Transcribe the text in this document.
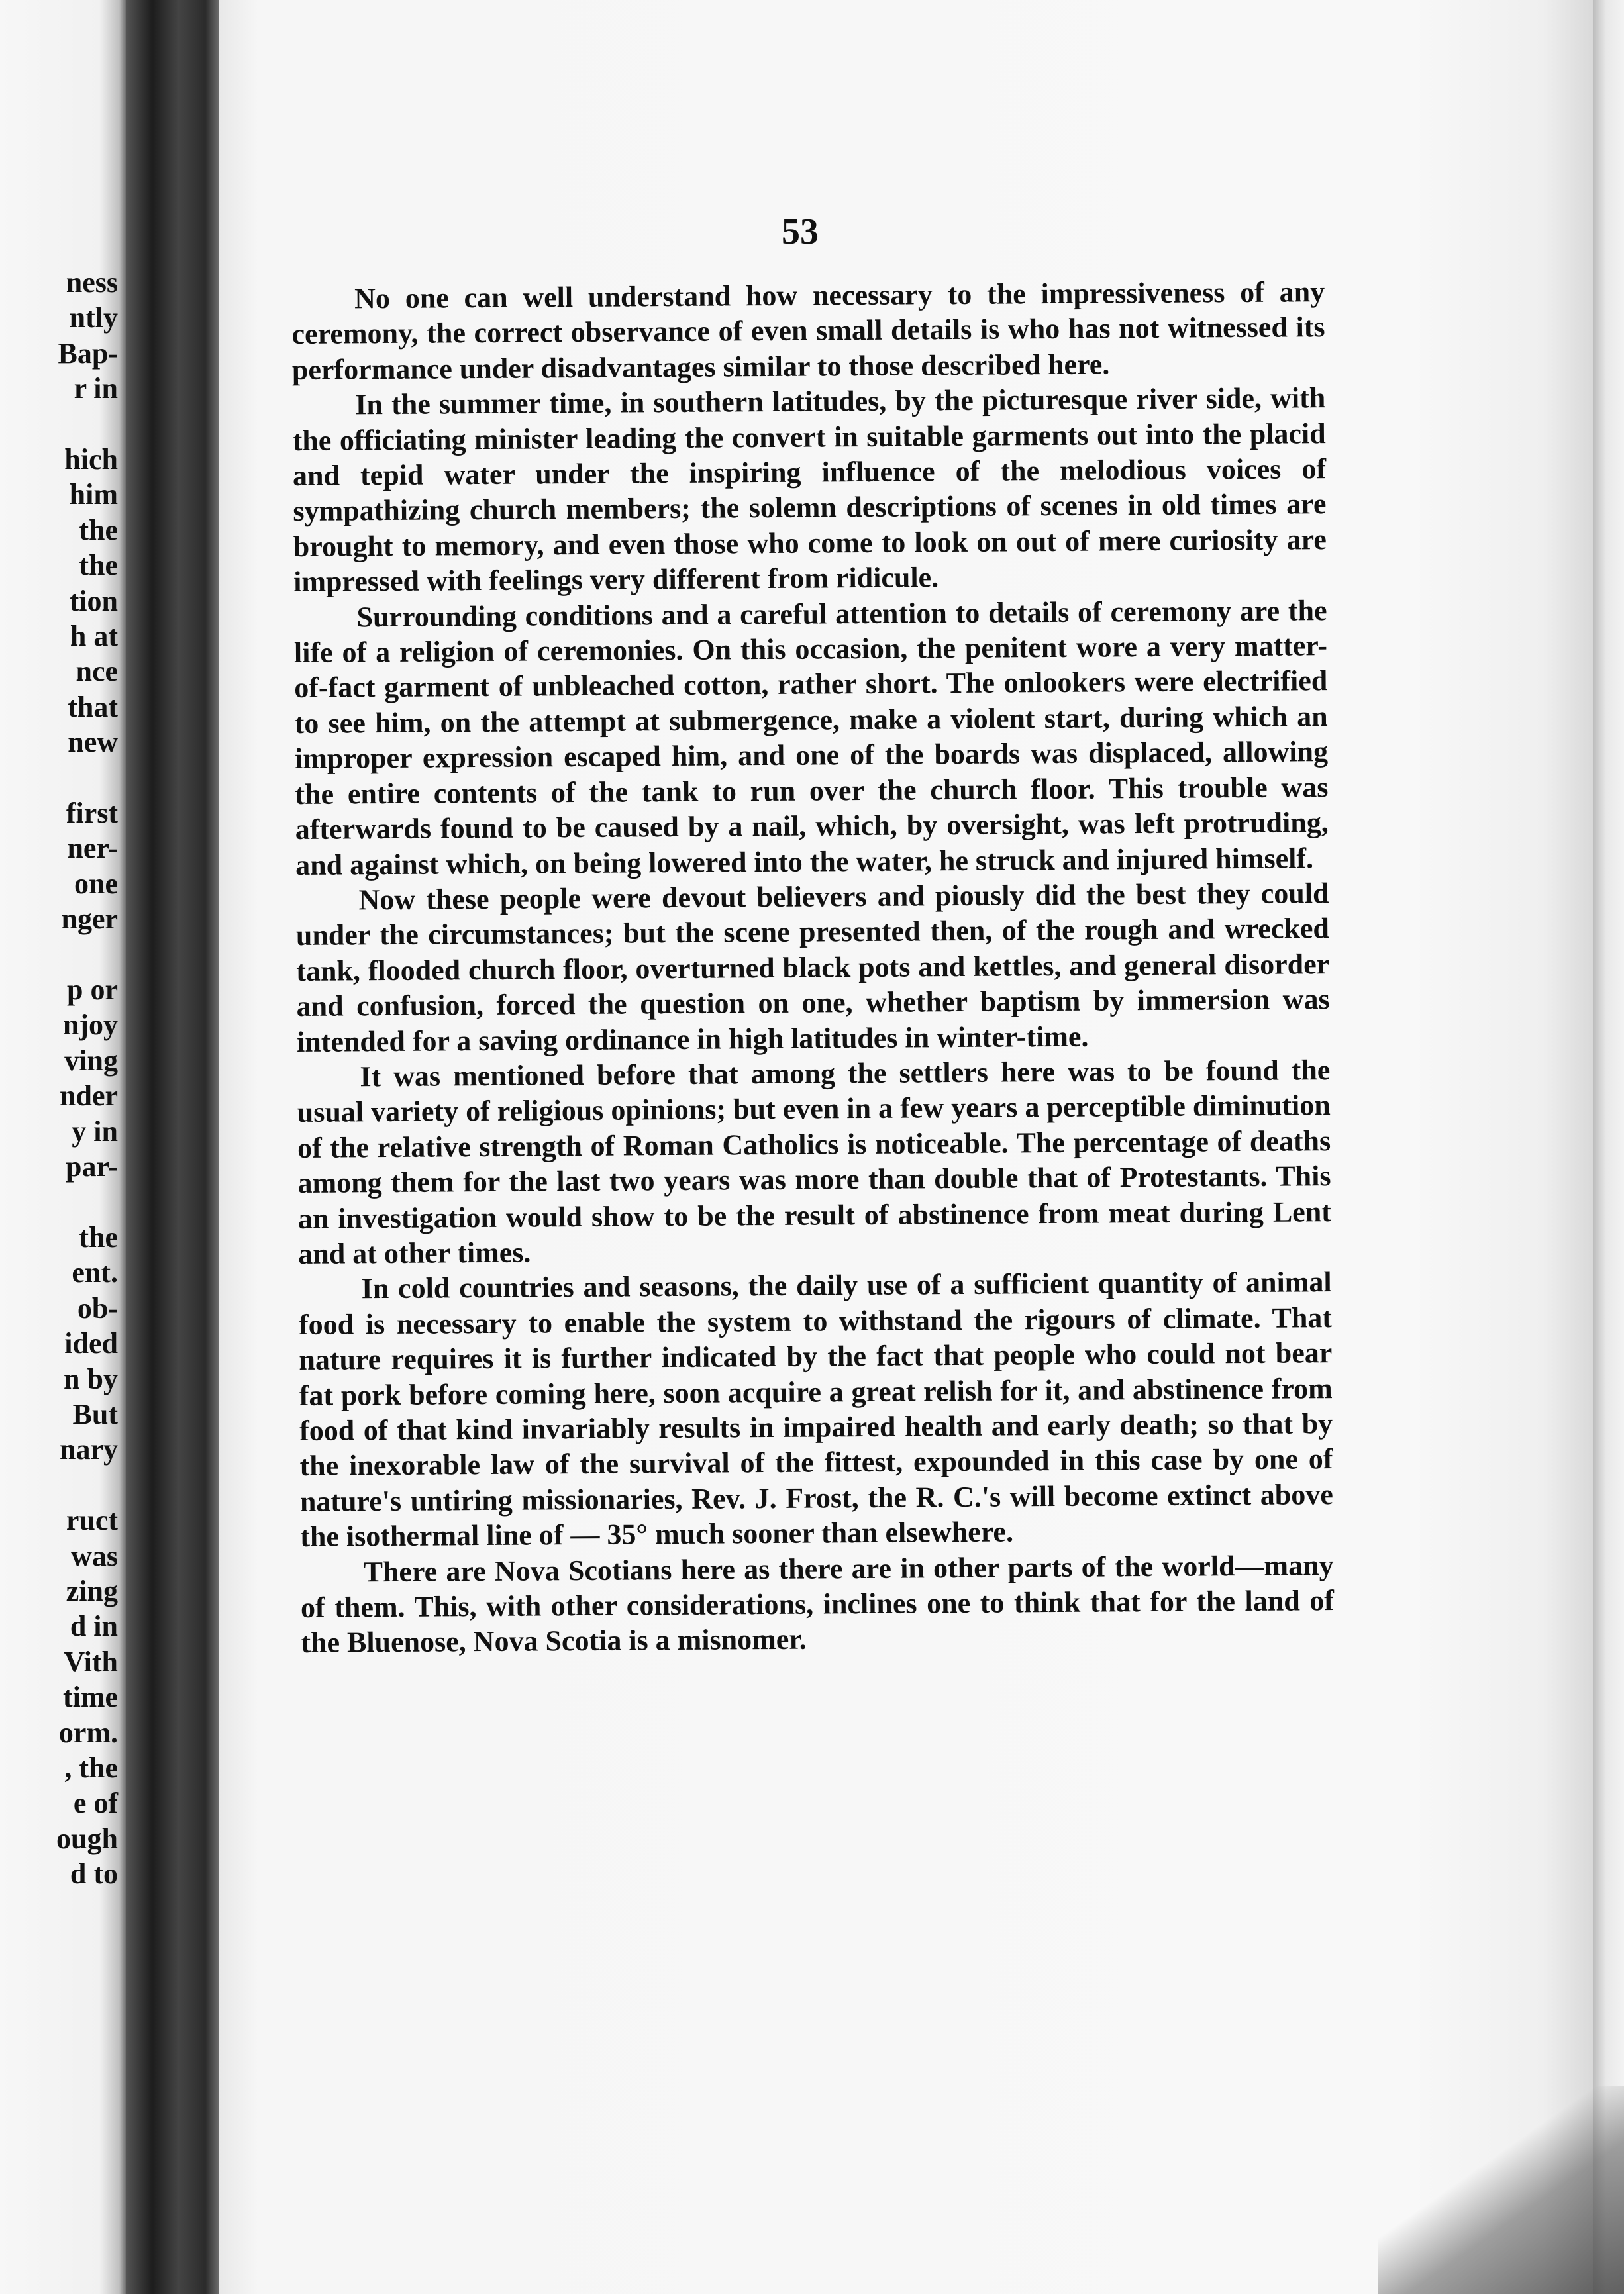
ness
ntly
Bap-
r in
hich
him
the
the
tion
h at
nce
that
new
first
ner-
one
nger
p or
njoy
ving
nder
y in
par-
the
ent.
ob-
ided
n by
But
nary
ruct
was
zing
d in
Vith
time
orm.
, the
e of
ough
d to
53

No one can well understand how necessary to the impressiveness of any ceremony, the correct observance of even small details is who has not witnessed its performance under disadvantages similar to those described here.

In the summer time, in southern latitudes, by the picturesque river side, with the officiating minister leading the convert in suitable garments out into the placid and tepid water under the inspiring influence of the melodious voices of sympathizing church members; the solemn descriptions of scenes in old times are brought to memory, and even those who come to look on out of mere curiosity are impressed with feelings very different from ridicule.

Surrounding conditions and a careful attention to details of ceremony are the life of a religion of ceremonies. On this occasion, the penitent wore a very matter-of-fact garment of unbleached cotton, rather short. The onlookers were electrified to see him, on the attempt at submergence, make a violent start, during which an improper expression escaped him, and one of the boards was displaced, allowing the entire contents of the tank to run over the church floor. This trouble was afterwards found to be caused by a nail, which, by oversight, was left protruding, and against which, on being lowered into the water, he struck and injured himself.

Now these people were devout believers and piously did the best they could under the circumstances; but the scene presented then, of the rough and wrecked tank, flooded church floor, overturned black pots and kettles, and general disorder and confusion, forced the question on one, whether baptism by immersion was intended for a saving ordinance in high latitudes in winter-time.

It was mentioned before that among the settlers here was to be found the usual variety of religious opinions; but even in a few years a perceptible diminution of the relative strength of Roman Catholics is noticeable. The percentage of deaths among them for the last two years was more than double that of Protestants. This an investigation would show to be the result of abstinence from meat during Lent and at other times.

In cold countries and seasons, the daily use of a sufficient quantity of animal food is necessary to enable the system to withstand the rigours of climate. That nature requires it is further indicated by the fact that people who could not bear fat pork before coming here, soon acquire a great relish for it, and abstinence from food of that kind invariably results in impaired health and early death; so that by the inexorable law of the survival of the fittest, expounded in this case by one of nature's untiring missionaries, Rev. J. Frost, the R. C.'s will become extinct above the isothermal line of — 35° much sooner than elsewhere.

There are Nova Scotians here as there are in other parts of the world—many of them. This, with other considerations, inclines one to think that for the land of the Bluenose, Nova Scotia is a misnomer.
